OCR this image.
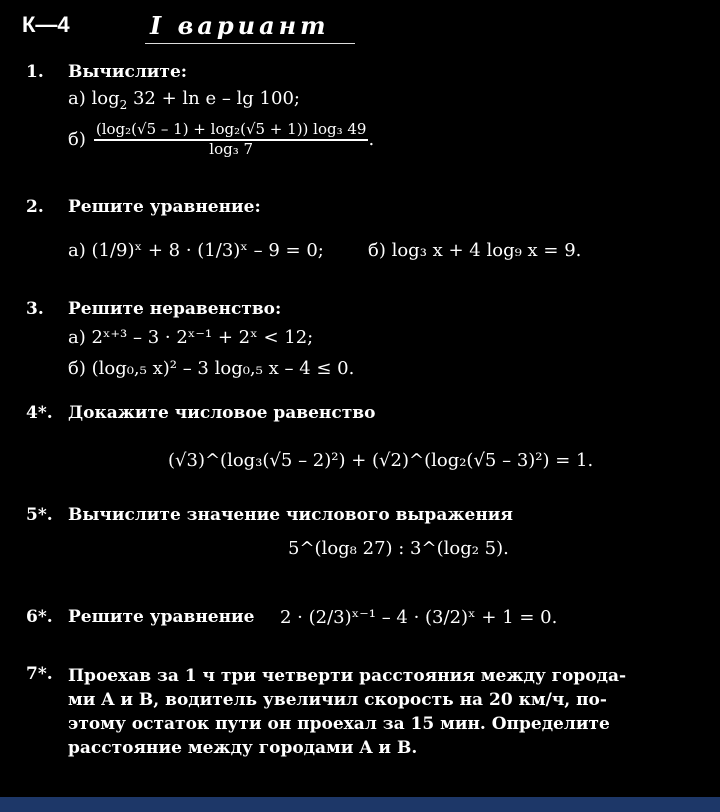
К—4	I вариант
1. Вычислите:
а) $\log_2 32 + \ln e - \lg 100$;
$б) \frac{\text{(log₂(√5 – 1) + log₂(√5 + 1)) log₃ 49}}{\text{log₃ 7}}$ .
2. Решите уравнение:
а) (1/9)ˣ + 8 · (1/3)ˣ – 9 = 0; б) log₃ x + 4 log₉ x = 9.
3. Решите неравенство:
а) 2ˣ⁺³ – 3 · 2ˣ⁻¹ + 2ˣ < 12;
б) (log₀,₅ x)² – 3 log₀,₅ x – 4 ≤ 0.
4*. Докажите числовое равенство
(√3)^(log₃(√5 – 2)²) + (√2)^(log₂(√5 – 3)²) = 1.
5*. Вычислите значение числового выражения
5^(log₈ 27) : 3^(log₂ 5).
6*. Решите уравнение 2 · (2/3)ˣ⁻¹ – 4 · (3/2)ˣ + 1 = 0.
7*. Проехав за 1 ч три четверти расстояния между города-
ми A и B, водитель увеличил скорость на 20 км/ч, по-
этому остаток пути он проехал за 15 мин. Определите
расстояние между городами A и B.
